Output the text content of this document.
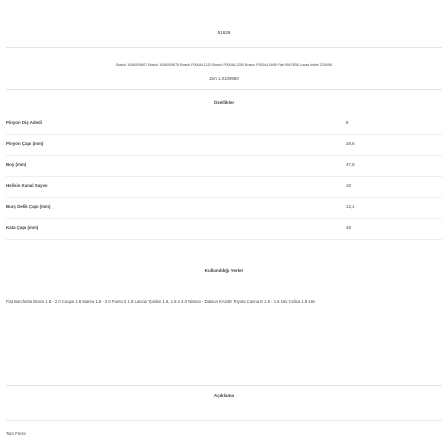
51635
Bosch 1006209607 Bosch 1006209675 Bosch F000AL1120 Bosch F000AL1250 Bosch F000AL1695 Fiat 9947838 Lucas Indiel 224098
Zen 1.0109980
Özellikler
Pinyon Diş Adedi	8
Pinyon Çapı (mm)	28,6
Boy (mm)	47,6
Helisin Kanal Sayısı	10
Burç Delik Çapı (mm)	12,1
Kata Çapı (mm)	48
Kullanıldığı Yerler
Fiat Barchetta Bravo 1.8 - 2.0 Coupe 1.8 Marea 1.8 - 2.0 Punto II 1.8 Lancia Ypsilon 1.6, 1.8 e 2.0 Nissan - Datsun KA24E Toyota Carina E 1.6 - 1.8 16v Celica 1.8 16v
Açıklama
Tam Freze
